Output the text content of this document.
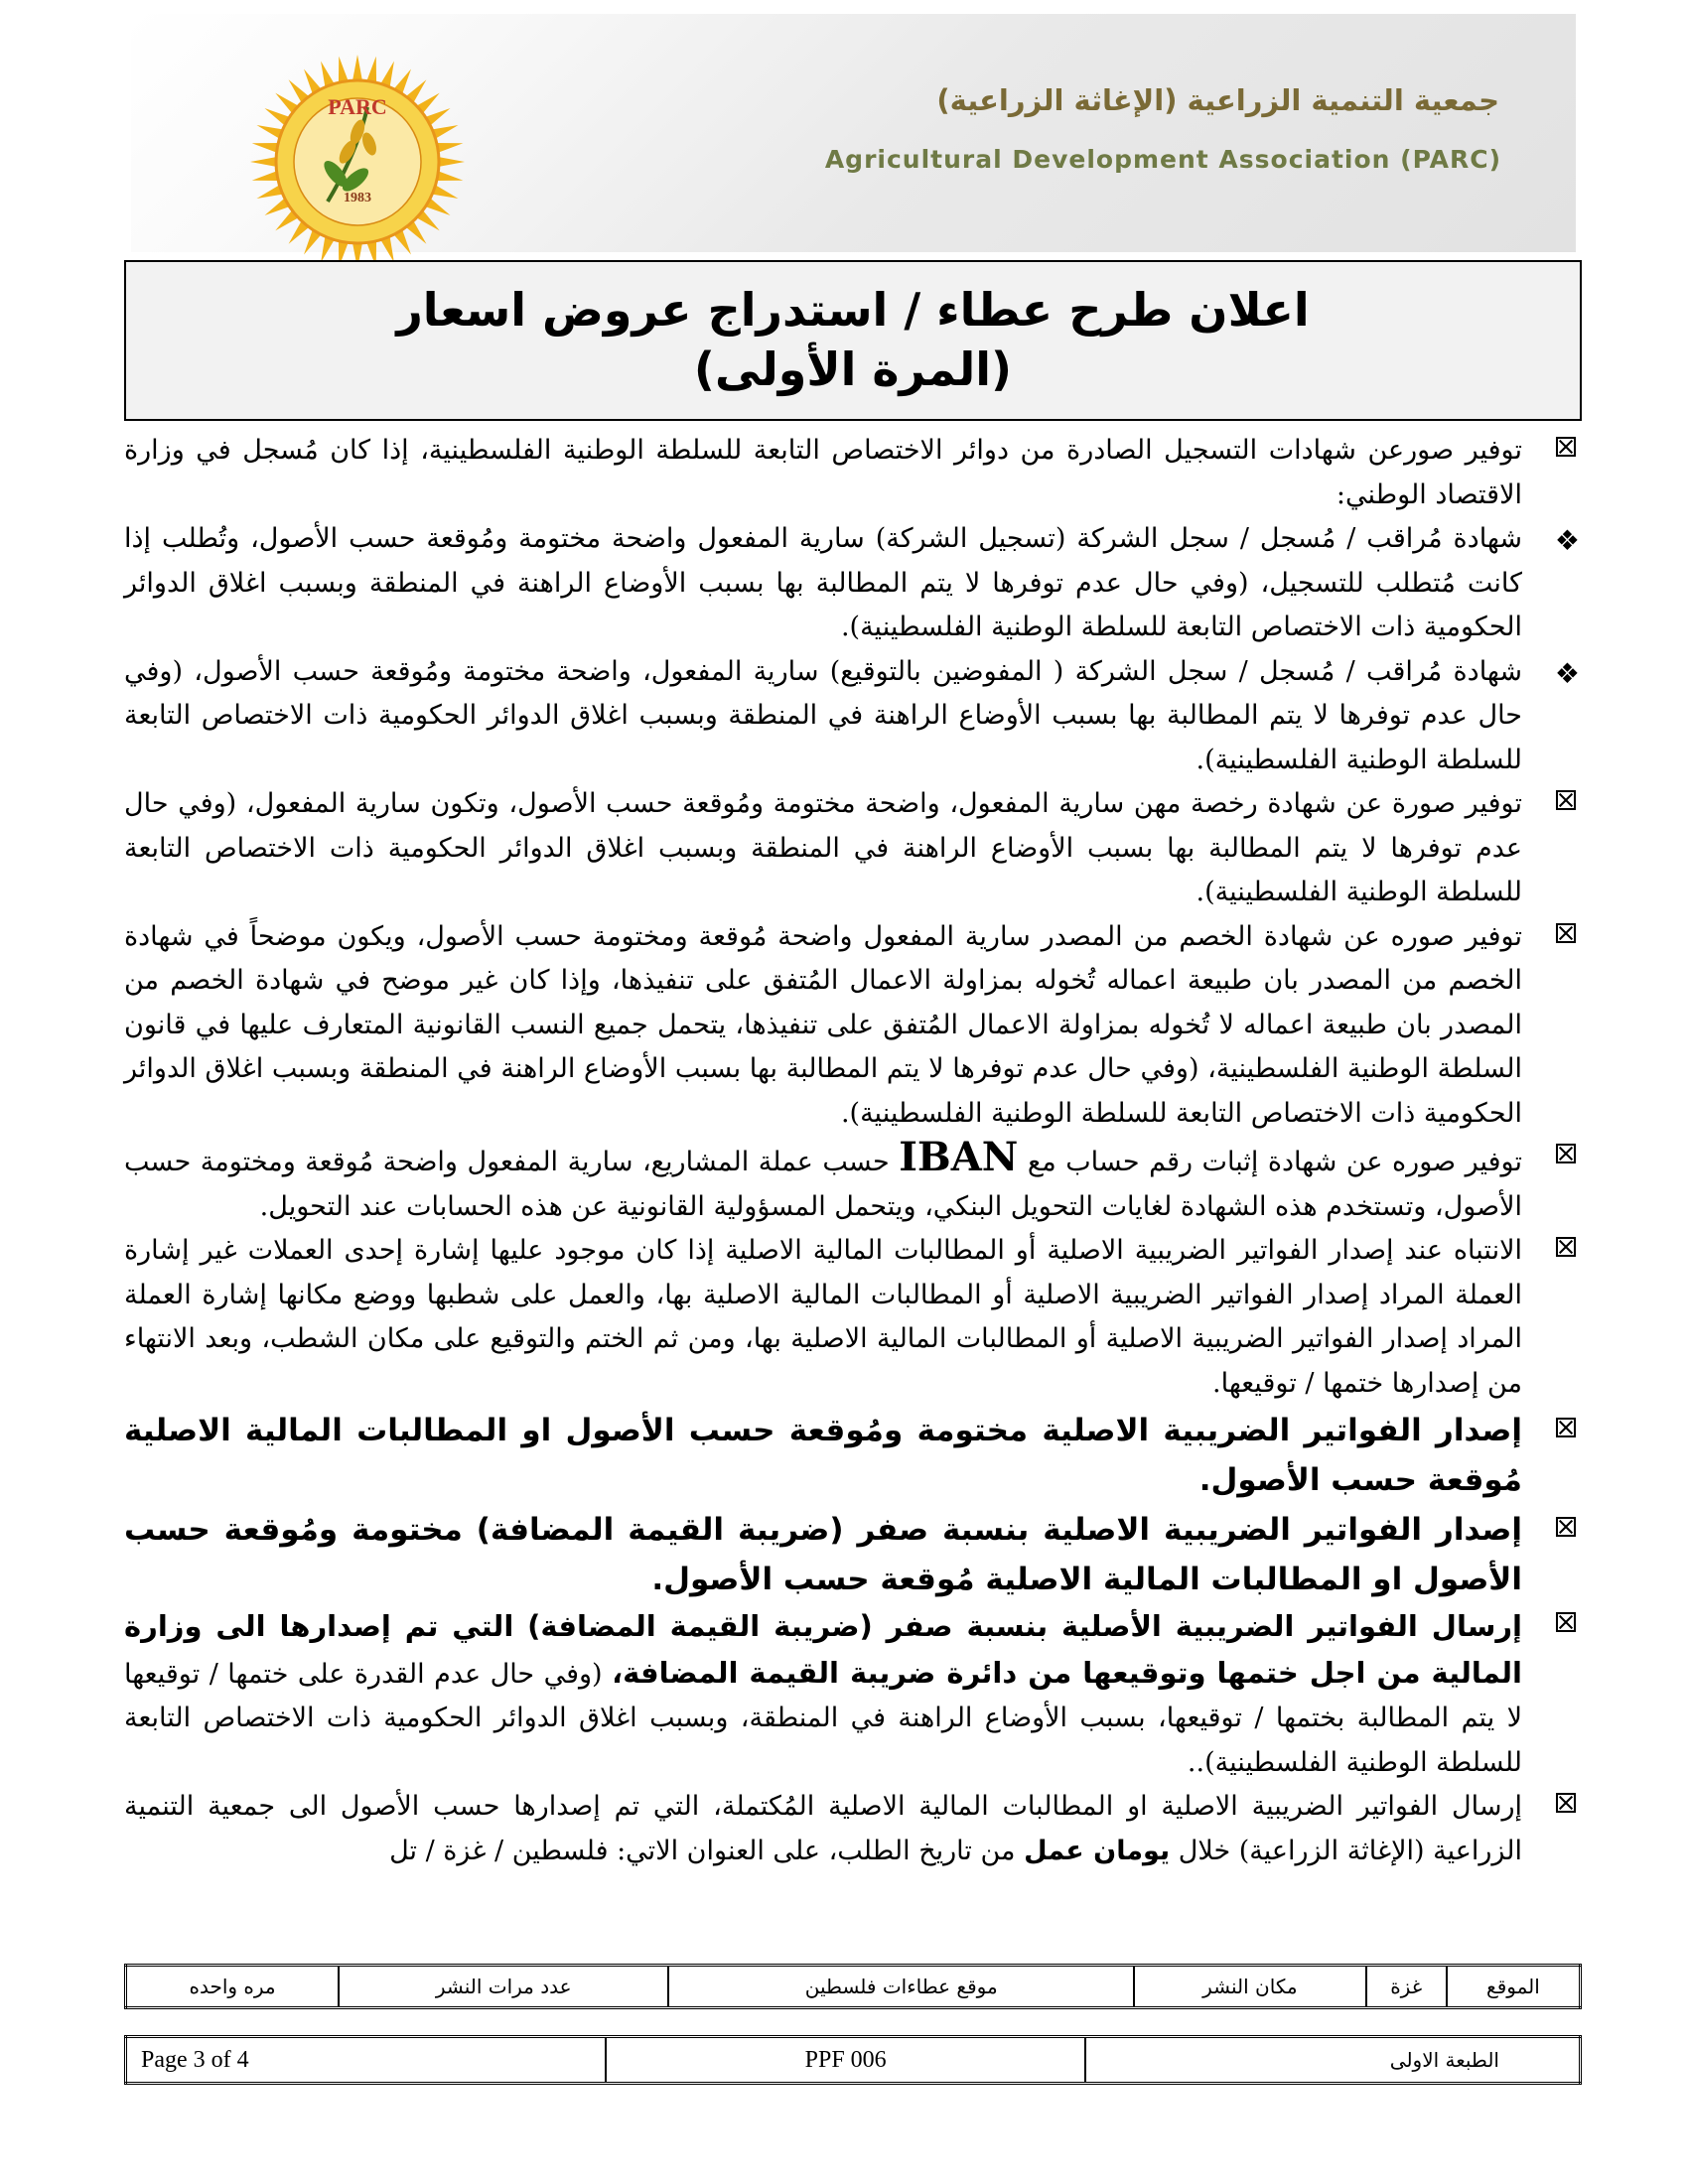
PARC
1983
جمعية التنمية الزراعية (الإغاثة الزراعية)
Agricultural Development Association (PARC)
اعلان طرح عطاء / استدراج عروض اسعار
(المرة الأولى)
توفير صورعن شهادات التسجيل الصادرة من دوائر الاختصاص التابعة للسلطة الوطنية الفلسطينية، إذا كان مُسجل في وزارة الاقتصاد الوطني:
❖
شهادة مُراقب / مُسجل / سجل الشركة (تسجيل الشركة) سارية المفعول واضحة مختومة ومُوقعة حسب الأصول، وتُطلب إذا كانت مُتطلب للتسجيل، (وفي حال عدم توفرها لا يتم المطالبة بها بسبب الأوضاع الراهنة في المنطقة وبسبب اغلاق الدوائر الحكومية ذات الاختصاص التابعة للسلطة الوطنية الفلسطينية).
❖
شهادة مُراقب / مُسجل / سجل الشركة ( المفوضين بالتوقيع) سارية المفعول، واضحة مختومة ومُوقعة حسب الأصول، (وفي حال عدم توفرها لا يتم المطالبة بها بسبب الأوضاع الراهنة في المنطقة وبسبب اغلاق الدوائر الحكومية ذات الاختصاص التابعة للسلطة الوطنية الفلسطينية).
توفير صورة عن شهادة رخصة مهن سارية المفعول، واضحة مختومة ومُوقعة حسب الأصول، وتكون سارية المفعول، (وفي حال عدم توفرها لا يتم المطالبة بها بسبب الأوضاع الراهنة في المنطقة وبسبب اغلاق الدوائر الحكومية ذات الاختصاص التابعة للسلطة الوطنية الفلسطينية).
توفير صوره عن شهادة الخصم من المصدر سارية المفعول واضحة مُوقعة ومختومة حسب الأصول، ويكون موضحاً في شهادة الخصم من المصدر بان طبيعة اعماله تُخوله بمزاولة الاعمال المُتفق على تنفيذها، وإذا كان غير موضح في شهادة الخصم من المصدر بان طبيعة اعماله لا تُخوله بمزاولة الاعمال المُتفق على تنفيذها، يتحمل جميع النسب القانونية المتعارف عليها في قانون السلطة الوطنية الفلسطينية، (وفي حال عدم توفرها لا يتم المطالبة بها بسبب الأوضاع الراهنة في المنطقة وبسبب اغلاق الدوائر الحكومية ذات الاختصاص التابعة للسلطة الوطنية الفلسطينية).
توفير صوره عن شهادة إثبات رقم حساب مع IBAN حسب عملة المشاريع، سارية المفعول واضحة مُوقعة ومختومة حسب الأصول، وتستخدم هذه الشهادة لغايات التحويل البنكي، ويتحمل المسؤولية القانونية عن هذه الحسابات عند التحويل.
الانتباه عند إصدار الفواتير الضريبية الاصلية أو المطالبات المالية الاصلية إذا كان موجود عليها إشارة إحدى العملات غير إشارة العملة المراد إصدار الفواتير الضريبية الاصلية أو المطالبات المالية الاصلية بها، والعمل على شطبها ووضع مكانها إشارة العملة المراد إصدار الفواتير الضريبية الاصلية أو المطالبات المالية الاصلية بها، ومن ثم الختم والتوقيع على مكان الشطب، وبعد الانتهاء من إصدارها ختمها / توقيعها.
إصدار الفواتير الضريبية الاصلية مختومة ومُوقعة حسب الأصول او المطالبات المالية الاصلية مُوقعة حسب الأصول.
إصدار الفواتير الضريبية الاصلية بنسبة صفر (ضريبة القيمة المضافة) مختومة ومُوقعة حسب الأصول او المطالبات المالية الاصلية مُوقعة حسب الأصول.
إرسال الفواتير الضريبية الأصلية بنسبة صفر (ضريبة القيمة المضافة) التي تم إصدارها الى وزارة المالية من اجل ختمها وتوقيعها من دائرة ضريبة القيمة المضافة، (وفي حال عدم القدرة على ختمها / توقيعها لا يتم المطالبة بختمها / توقيعها، بسبب الأوضاع الراهنة في المنطقة، وبسبب اغلاق الدوائر الحكومية ذات الاختصاص التابعة للسلطة الوطنية الفلسطينية)..
إرسال الفواتير الضريبية الاصلية او المطالبات المالية الاصلية المُكتملة، التي تم إصدارها حسب الأصول الى جمعية التنمية الزراعية (الإغاثة الزراعية) خلال يومان عمل من تاريخ الطلب، على العنوان الاتي: فلسطين / غزة / تل
الموقع	غزة	مكان النشر	موقع عطاءات فلسطين	عدد مرات النشر	مره واحده
Page 3 of 4	PPF 006	الطبعة الاولى
